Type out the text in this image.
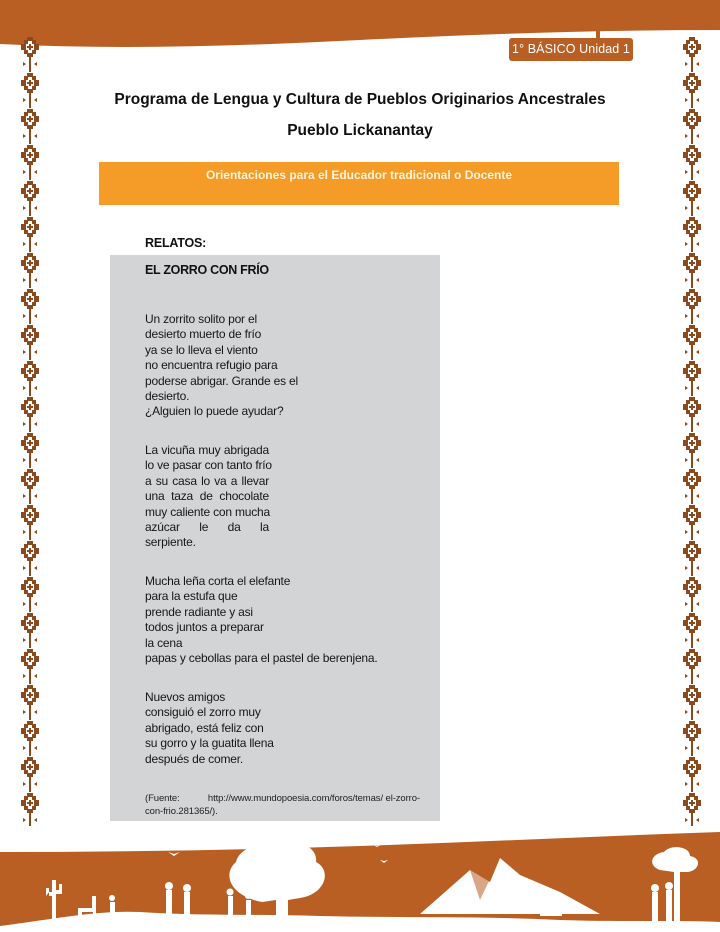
1° BÁSICO Unidad 1
Programa de Lengua y Cultura de Pueblos Originarios Ancestrales
Pueblo Lickanantay
Orientaciones para el Educador tradicional o Docente
RELATOS:
EL ZORRO CON FRÍO
Un zorrito solito por el
desierto muerto de frío
ya se lo lleva el viento
no encuentra refugio para
poderse abrigar. Grande es el
desierto.
¿Alguien lo puede ayudar?
La vicuña muy abrigada
lo ve pasar con tanto frío
a su casa lo va a llevar
una taza de chocolate
muy caliente con mucha
azúcar le da la
serpiente.
Mucha leña corta el elefante
para la estufa que
prende radiante y asi
todos juntos a preparar
la cena
papas y cebollas para el pastel de berenjena.
Nuevos amigos
consiguió el zorro muy
abrigado, está feliz con
su gorro y la guatita llena
después de comer.
(Fuente:	http://www.mundopoesia.com/foros/temas/ el-zorro-
con-frio.281365/).
